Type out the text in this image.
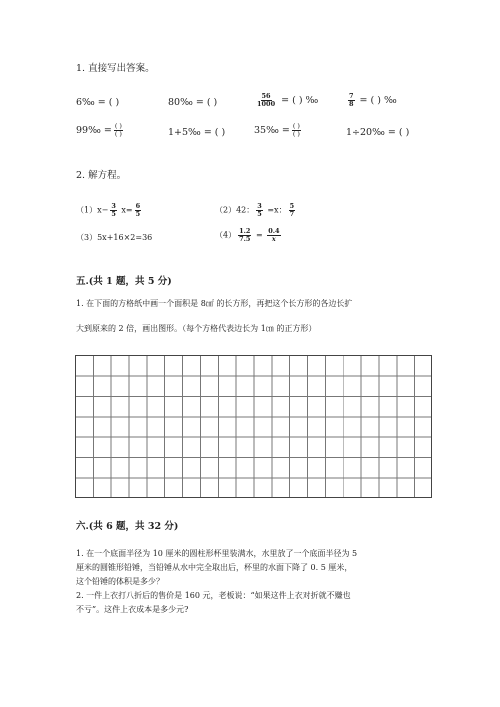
1. 直接写出答案。
6‰ = ( )	80‰ = ( )	$\frac{56}{1000}$ = ( ) ‰	$\frac{7}{8}$ = ( ) ‰
99‰ = $\frac{( )}{( )}$	1+5‰ = ( )	35‰ = $\frac{( )}{( )}$	1÷20‰ = ( )
2. 解方程。
$(1)x- \frac{3}{5} x= \frac{6}{5}$	（2）42： $\frac{3}{5} =x$： $\frac{5}{7}$
（3）5x+16×2=36	$(4) \frac{1.2}{7.5} = \frac{0.4}{x}$
五.(共 1 题，共 5 分)
1. 在下面的方格纸中画一个面积是 8㎠ 的长方形，再把这个长方形的各边长扩
大到原来的 2 倍，画出图形。（每个方格代表边长为 1㎝ 的正方形）
六.(共 6 题，共 32 分)
1. 在一个底面半径为 10 厘米的圆柱形杯里装满水，水里放了一个底面半径为 5
厘米的圆锥形铅锤，当铅锤从水中完全取出后，杯里的水面下降了 0. 5 厘米，
这个铅锤的体积是多少？
2. 一件上衣打八折后的售价是 160 元，老板说：“如果这件上衣对折就不赚也
不亏”。这件上衣成本是多少元?
